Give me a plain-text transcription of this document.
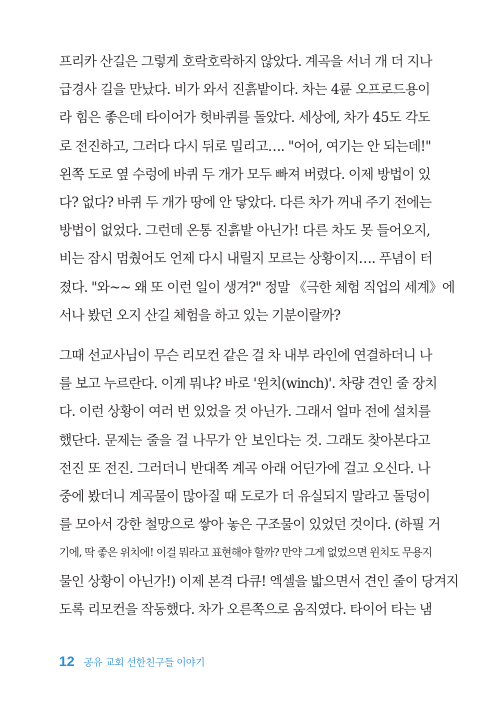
프리카 산길은 그렇게 호락호락하지 않았다. 계곡을 서너 개 더 지나
급경사 길을 만났다. 비가 와서 진흙밭이다. 차는 4륜 오프로드용이
라 힘은 좋은데 타이어가 헛바퀴를 돌았다. 세상에, 차가 45도 각도
로 전진하고, 그러다 다시 뒤로 밀리고…. "어어, 여기는 안 되는데!"
왼쪽 도로 옆 수렁에 바퀴 두 개가 모두 빠져 버렸다. 이제 방법이 있
다? 없다? 바퀴 두 개가 땅에 안 닿았다. 다른 차가 꺼내 주기 전에는
방법이 없었다. 그런데 온통 진흙밭 아닌가! 다른 차도 못 들어오지,
비는 잠시 멈췄어도 언제 다시 내릴지 모르는 상황이지…. 푸념이 터
졌다. "와~~ 왜 또 이런 일이 생겨?" 정말 《극한 체험 직업의 세계》에
서나 봤던 오지 산길 체험을 하고 있는 기분이랄까?
그때 선교사님이 무슨 리모컨 같은 걸 차 내부 라인에 연결하더니 나
를 보고 누르란다. 이게 뭐냐? 바로 '윈치(winch)'. 차량 견인 줄 장치
다. 이런 상황이 여러 번 있었을 것 아닌가. 그래서 얼마 전에 설치를
했단다. 문제는 줄을 걸 나무가 안 보인다는 것. 그래도 찾아본다고
전진 또 전진. 그러더니 반대쪽 계곡 아래 어딘가에 걸고 오신다. 나
중에 봤더니 계곡물이 많아질 때 도로가 더 유실되지 말라고 돌덩이
를 모아서 강한 철망으로 쌓아 놓은 구조물이 있었던 것이다. (하필 거
기에, 딱 좋은 위치에! 이걸 뭐라고 표현해야 할까? 만약 그게 없었으면 윈치도 무용지
물인 상황이 아닌가!) 이제 본격 다큐! 엑셀을 밟으면서 견인 줄이 당겨지
도록 리모컨을 작동했다. 차가 오른쪽으로 움직였다. 타이어 타는 냄
12 공유 교회 선한친구들 이야기
